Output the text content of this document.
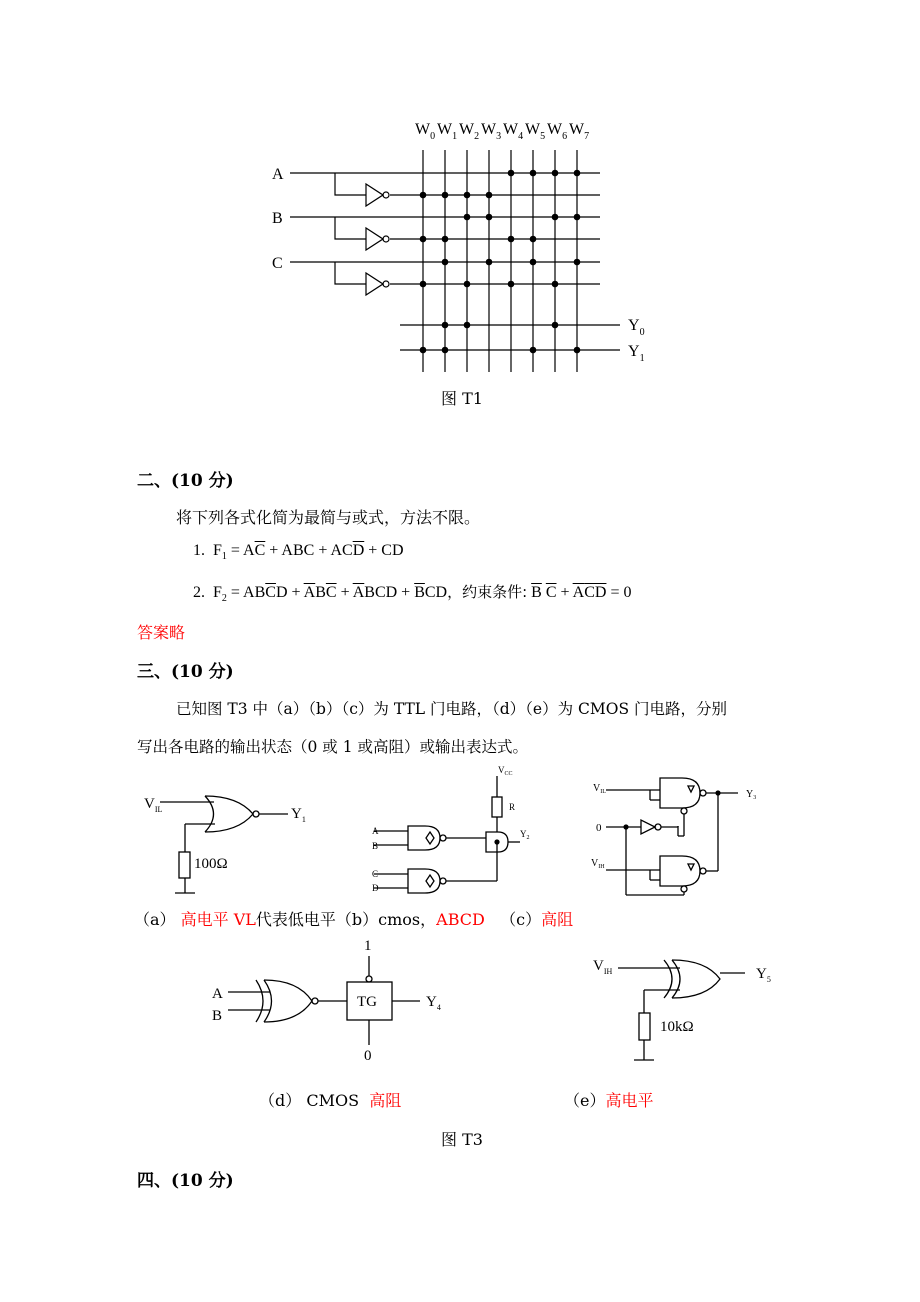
A
B
C
$W_0$ $W_1$ $W_2$ $W_3$ $W_4$ $W_5$ $W_6$ $W_7$
$Y_0$
$Y_1$
图 T1
二、(10 分)
将下列各式化简为最简与或式，方法不限。
1.  $F_1 = A\overline{C}$ + ABC + $AC\overline{D}$ + CD
2.  $F_2 = AB\overline{C}D + \overline{A}B\overline{C} + \overline{A}BCD + \overline{B}CD$，约束条件: $\overline{B}$ $\overline{C} + \overline{A}\overline{CD} = 0$
答案略
三、(10 分)
已知图 T3 中（a）（b）（c）为 TTL 门电路，（d）（e）为 CMOS 门电路，分别
写出各电路的输出状态（0 或 1 或高阻）或输出表达式。
$V_{IL}$	$Y_1$
100Ω
$V_{CC}$
R
A
B
C
D
$Y_2$
$V_{IL}$	$Y_3$
0
$V_{IH}$
A
B
TG
1
0
$Y_4$
$V_{IH}$	$Y_5$
10kΩ
（a） 高电平 VL代表低电平（b）cmos，ABCD （c）高阻
（d） CMOS 高阻	（e）高电平
图 T3
四、(10 分)
